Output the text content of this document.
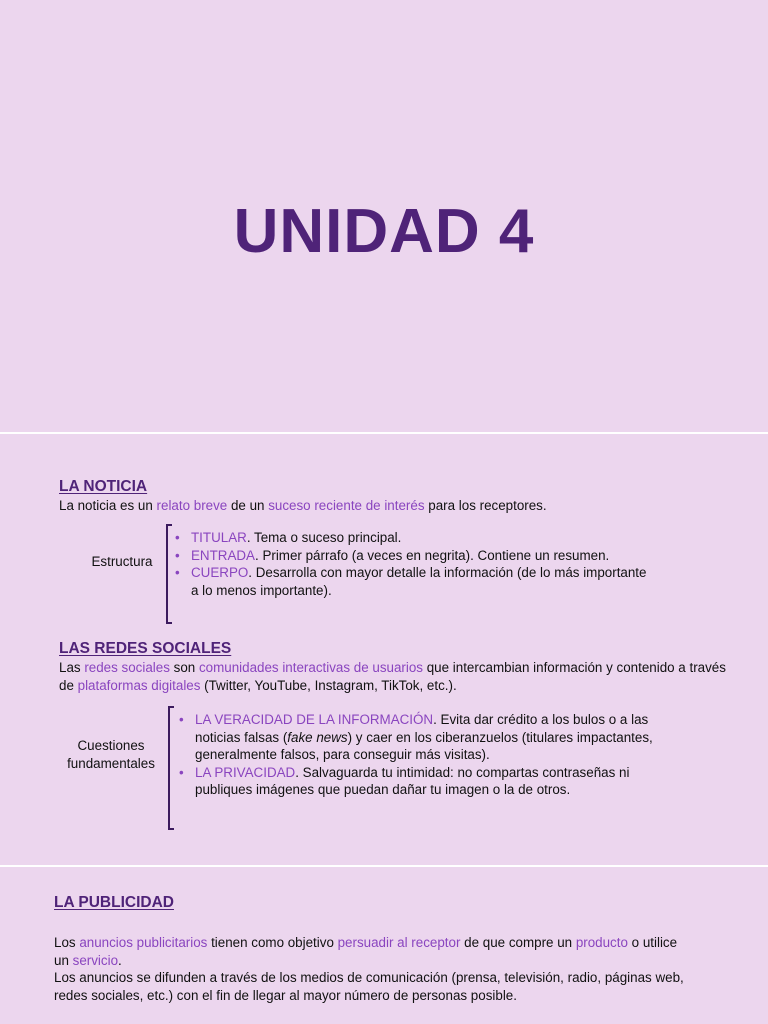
UNIDAD 4
LA NOTICIA
La noticia es un relato breve de un suceso reciente de interés para los receptores.
Estructura
• TITULAR. Tema o suceso principal.
• ENTRADA. Primer párrafo (a veces en negrita). Contiene un resumen.
• CUERPO. Desarrolla con mayor detalle la información (de lo más importante a lo menos importante).
LAS REDES SOCIALES
Las redes sociales son comunidades interactivas de usuarios que intercambian información y contenido a través de plataformas digitales (Twitter, YouTube, Instagram, TikTok, etc.).
Cuestiones
fundamentales
• LA VERACIDAD DE LA INFORMACIÓN. Evita dar crédito a los bulos o a las noticias falsas (fake news) y caer en los ciberanzuelos (titulares impactantes, generalmente falsos, para conseguir más visitas).
• LA PRIVACIDAD. Salvaguarda tu intimidad: no compartas contraseñas ni publiques imágenes que puedan dañar tu imagen o la de otros.
LA PUBLICIDAD
Los anuncios publicitarios tienen como objetivo persuadir al receptor de que compre un producto o utilice un servicio.
Los anuncios se difunden a través de los medios de comunicación (prensa, televisión, radio, páginas web, redes sociales, etc.) con el fin de llegar al mayor número de personas posible.
